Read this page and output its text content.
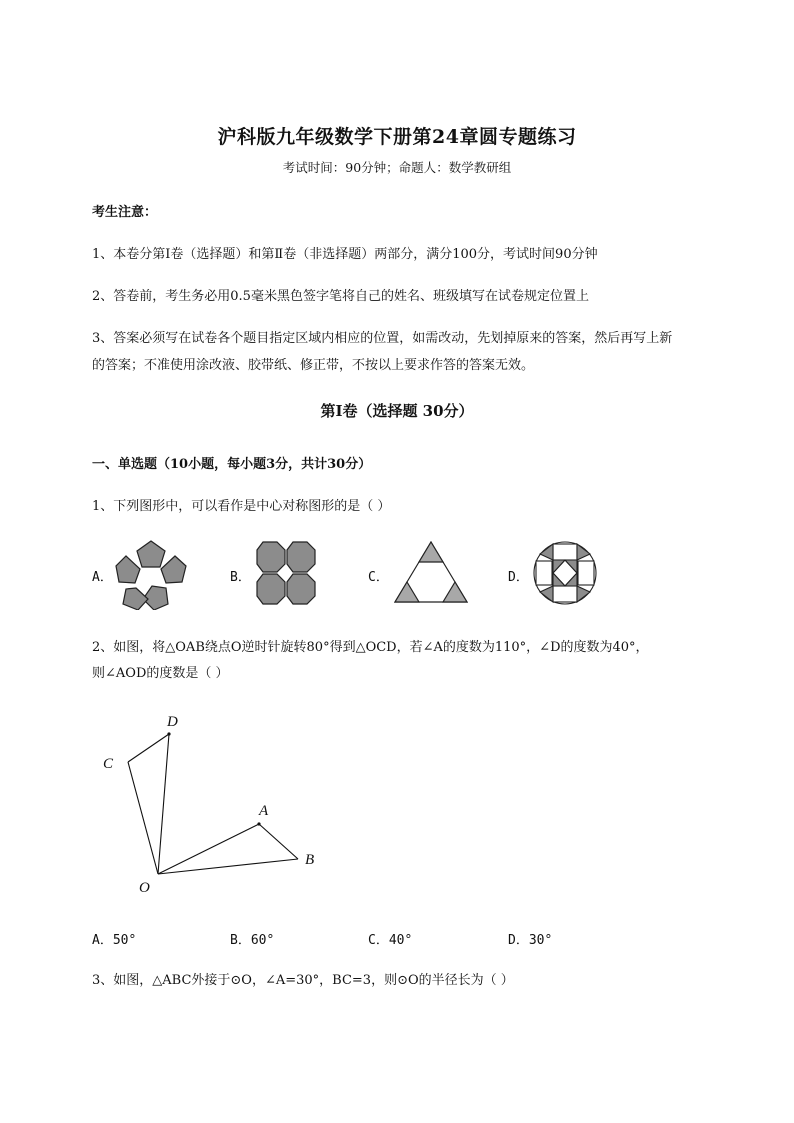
沪科版九年级数学下册第24章圆专题练习
考试时间：90分钟；命题人：数学教研组
考生注意：
1、本卷分第I卷（选择题）和第Ⅱ卷（非选择题）两部分，满分100分，考试时间90分钟
2、答卷前，考生务必用0.5毫米黑色签字笔将自己的姓名、班级填写在试卷规定位置上
3、答案必须写在试卷各个题目指定区域内相应的位置，如需改动，先划掉原来的答案，然后再写上新
的答案；不准使用涂改液、胶带纸、修正带，不按以上要求作答的答案无效。
第I卷（选择题 30分）
一、单选题（10小题，每小题3分，共计30分）
1、下列图形中，可以看作是中心对称图形的是（ ）
A．	B．	C．	D．
2、如图，将△OAB绕点O逆时针旋转80°得到△OCD，若∠A的度数为110°，∠D的度数为40°，
则∠AOD的度数是（ ）
D
C
A
B
O
A．50°	B．60°	C．40°	D．30°
3、如图，△ABC外接于⊙O，∠A=30°，BC=3，则⊙O的半径长为（ ）
